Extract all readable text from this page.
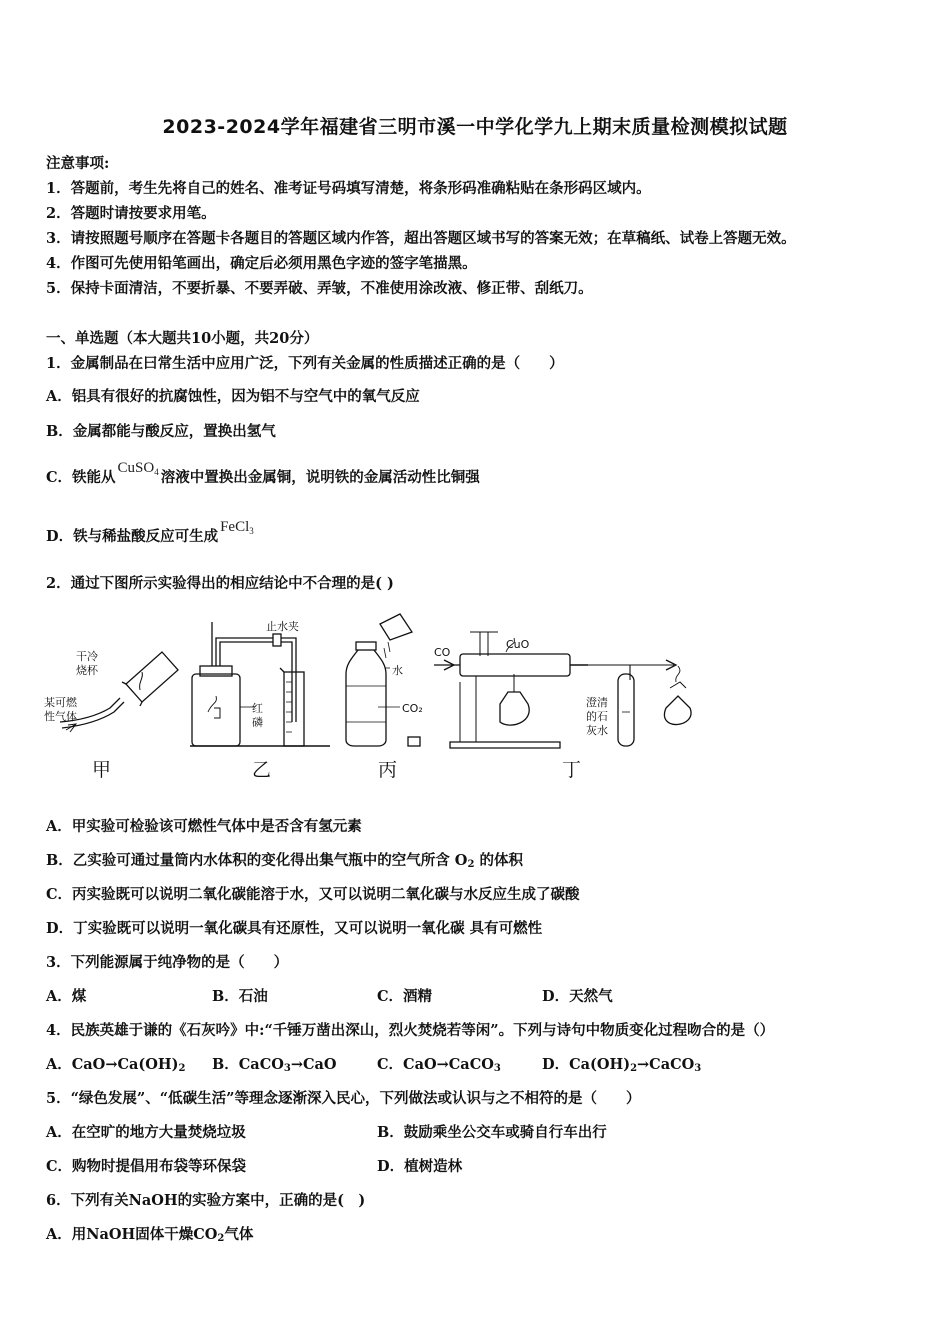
2023-2024学年福建省三明市溪一中学化学九上期末质量检测模拟试题
注意事项:
1．答题前，考生先将自己的姓名、准考证号码填写清楚，将条形码准确粘贴在条形码区域内。
2．答题时请按要求用笔。
3．请按照题号顺序在答题卡各题目的答题区域内作答，超出答题区域书写的答案无效；在草稿纸、试卷上答题无效。
4．作图可先使用铅笔画出，确定后必须用黑色字迹的签字笔描黑。
5．保持卡面清洁，不要折暴、不要弄破、弄皱，不准使用涂改液、修正带、刮纸刀。
一、单选题（本大题共10小题，共20分）
1．金属制品在曰常生活中应用广泛，下列有关金属的性质描述正确的是（　　）
A．铝具有很好的抗腐蚀性，因为铝不与空气中的氧气反应
B．金属都能与酸反应，置换出氢气
C．铁能从CuSO$_4$ 溶液中置换出金属铜，说明铁的金属活动性比铜强
D．铁与稀盐酸反应可生成FeCl$_3$
2．通过下图所示实验得出的相应结论中不合理的是( )
干冷
烧杯
某可燃
性气体
止水夹
红
磷
水
CO₂
CO
CuO
澄清
的石
灰水
甲	乙	丙	丁
A．甲实验可检验该可燃性气体中是否含有氢元素
B．乙实验可通过量筒内水体积的变化得出集气瓶中的空气所含 $O_2$ 的体积
C．丙实验既可以说明二氧化碳能溶于水，又可以说明二氧化碳与水反应生成了碳酸
D．丁实验既可以说明一氧化碳具有还原性，又可以说明一氧化碳 具有可燃性
3．下列能源属于纯净物的是（　　）
A．煤	B．石油	C．酒精	D．天然气
4．民族英雄于谦的《石灰吟》中:“千锤万凿出深山，烈火焚烧若等闲”。下列与诗句中物质变化过程吻合的是（）
A．$CaO\to Ca(OH)_2$ B．CaCO$_3$→CaO	C．CaO→CaCO$_3$	D．$Ca(OH)_2\to CaCO_3$
5．“绿色发展”、“低碳生活”等理念逐渐深入民心，下列做法或认识与之不相符的是（　　）
A．在空旷的地方大量焚烧垃圾	B．鼓励乘坐公交车或骑自行车出行
C．购物时提倡用布袋等环保袋	D．植树造林
6．下列有关NaOH的实验方案中，正确的是(　)
A．用NaOH固体干燥$CO_2$气体
